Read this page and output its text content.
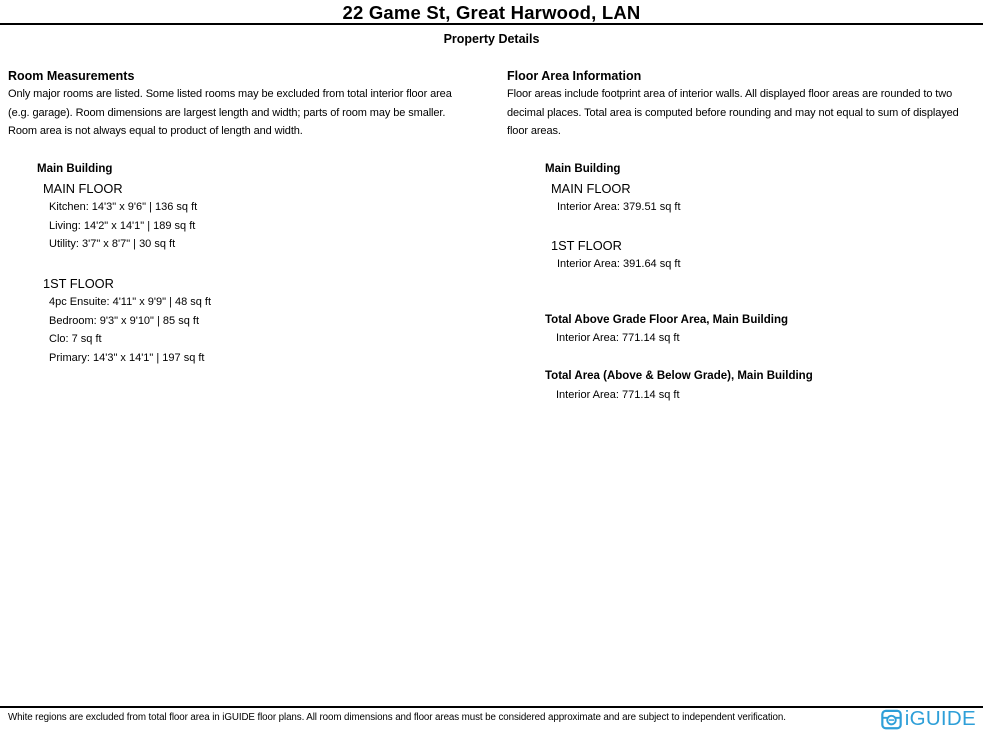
22 Game St, Great Harwood, LAN
Property Details
Room Measurements
Only major rooms are listed. Some listed rooms may be excluded from total interior floor area
(e.g. garage). Room dimensions are largest length and width; parts of room may be smaller.
Room area is not always equal to product of length and width.
Main Building
MAIN FLOOR
Kitchen: 14'3" x 9'6" | 136 sq ft
Living: 14'2" x 14'1" | 189 sq ft
Utility: 3'7" x 8'7" | 30 sq ft
1ST FLOOR
4pc Ensuite: 4'11" x 9'9" | 48 sq ft
Bedroom: 9'3" x 9'10" | 85 sq ft
Clo: 7 sq ft
Primary: 14'3" x 14'1" | 197 sq ft
Floor Area Information
Floor areas include footprint area of interior walls. All displayed floor areas are rounded to two
decimal places. Total area is computed before rounding and may not equal to sum of displayed
floor areas.
Main Building
MAIN FLOOR
Interior Area: 379.51 sq ft
1ST FLOOR
Interior Area: 391.64 sq ft
Total Above Grade Floor Area, Main Building
Interior Area: 771.14 sq ft
Total Area (Above & Below Grade), Main Building
Interior Area: 771.14 sq ft
White regions are excluded from total floor area in iGUIDE floor plans. All room dimensions and floor areas must be considered approximate and are subject to independent verification.	iGUIDE
